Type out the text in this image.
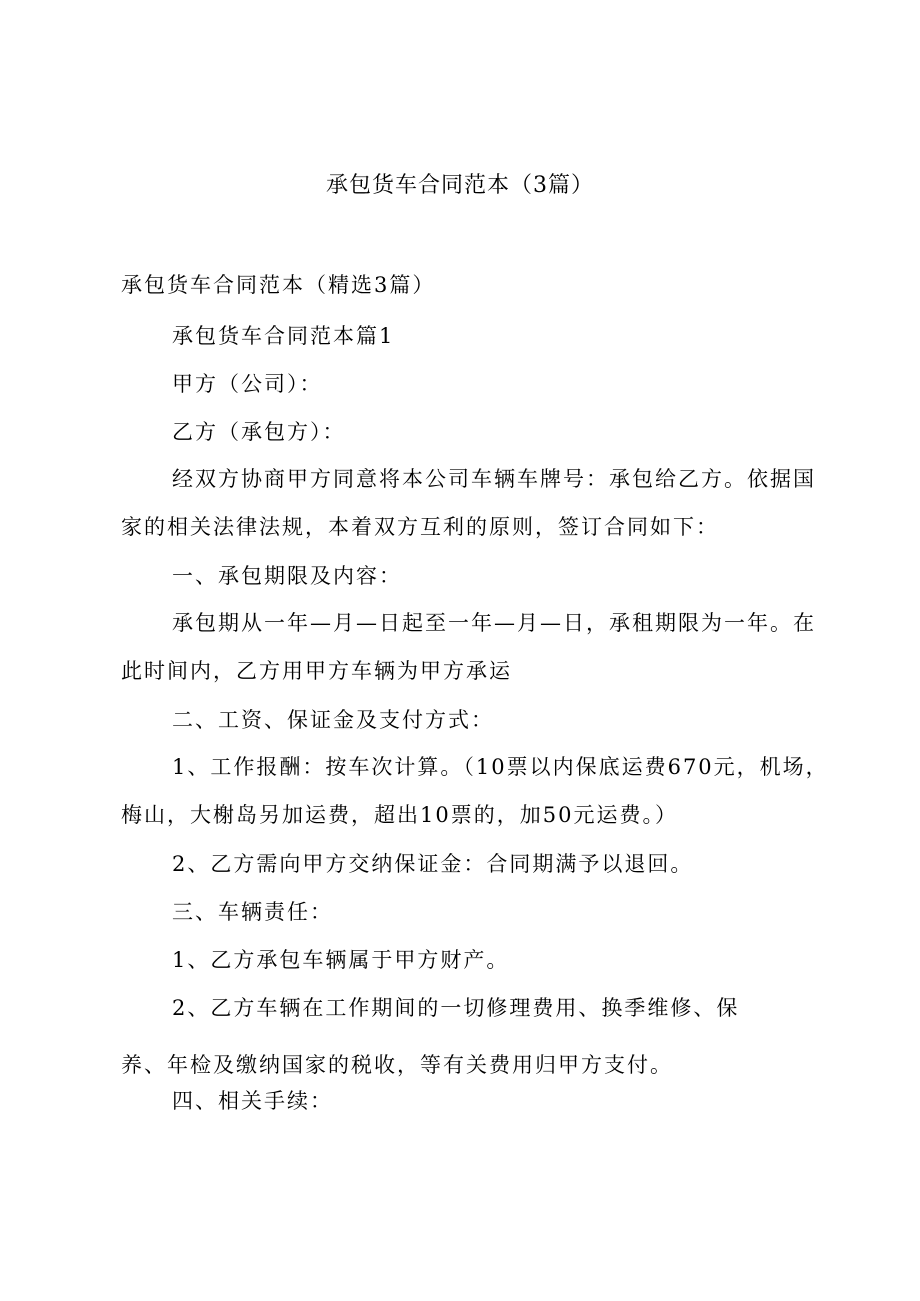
承包货车合同范本（3篇）
承包货车合同范本（精选3篇）
承包货车合同范本篇1
甲方（公司）：
乙方（承包方）：
经双方协商甲方同意将本公司车辆车牌号：承包给乙方。依据国
家的相关法律法规，本着双方互利的原则，签订合同如下：
一、承包期限及内容：
承包期从一年—月—日起至一年—月—日，承租期限为一年。在
此时间内，乙方用甲方车辆为甲方承运
二、工资、保证金及支付方式：
1、工作报酬：按车次计算。（10票以内保底运费670元，机场，
梅山，大榭岛另加运费，超出10票的，加50元运费。）
2、乙方需向甲方交纳保证金：合同期满予以退回。
三、车辆责任：
1、乙方承包车辆属于甲方财产。
2、乙方车辆在工作期间的一切修理费用、换季维修、保
养、年检及缴纳国家的税收，等有关费用归甲方支付。
四、相关手续：
